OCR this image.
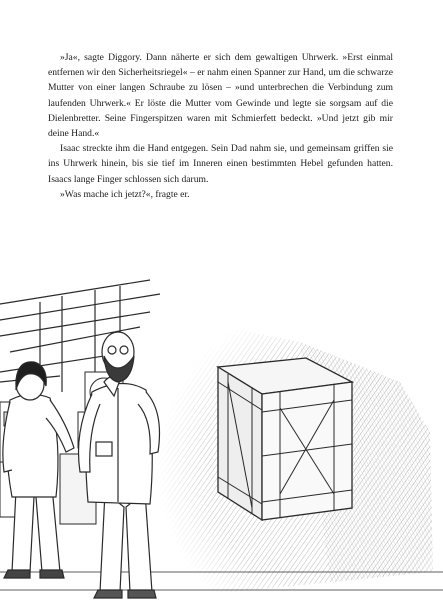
»Ja«, sagte Diggory. Dann näherte er sich dem gewaltigen Uhrwerk. »Erst einmal entfernen wir den Sicherheitsriegel« – er nahm einen Spanner zur Hand, um die schwarze Mutter von einer langen Schraube zu lösen – »und unterbrechen die Verbindung zum laufenden Uhrwerk.« Er löste die Mutter vom Gewinde und legte sie sorgsam auf die Dielenbretter. Seine Fingerspitzen waren mit Schmierfett bedeckt. »Und jetzt gib mir deine Hand.«

Isaac streckte ihm die Hand entgegen. Sein Dad nahm sie, und gemeinsam griffen sie ins Uhrwerk hinein, bis sie tief im Inneren einen bestimmten Hebel gefunden hatten. Isaacs lange Finger schlossen sich darum.

»Was mache ich jetzt?«, fragte er.
